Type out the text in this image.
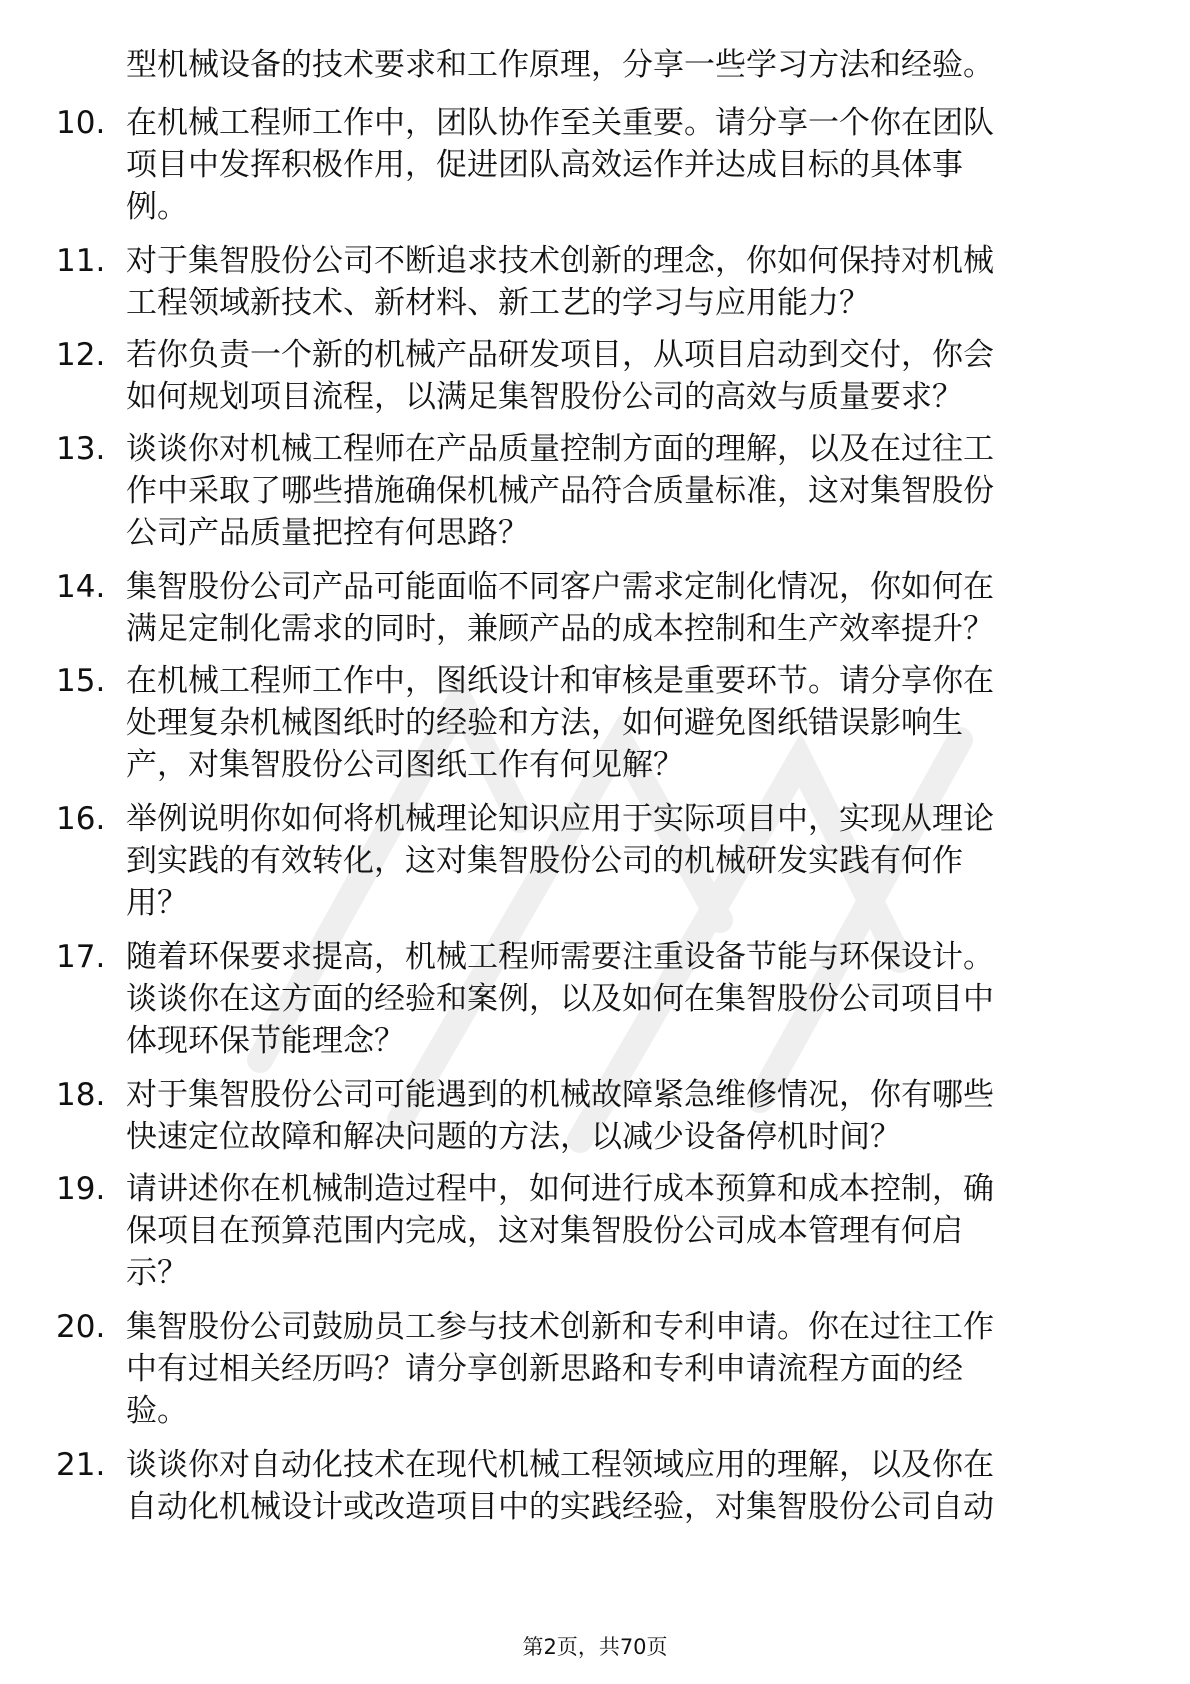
型机械设备的技术要求和工作原理，分享一些学习方法和经验。
10. 在机械工程师工作中，团队协作至关重要。请分享一个你在团队
项目中发挥积极作用，促进团队高效运作并达成目标的具体事
例。
11. 对于集智股份公司不断追求技术创新的理念，你如何保持对机械
工程领域新技术、新材料、新工艺的学习与应用能力？
12. 若你负责一个新的机械产品研发项目，从项目启动到交付，你会
如何规划项目流程，以满足集智股份公司的高效与质量要求？
13. 谈谈你对机械工程师在产品质量控制方面的理解，以及在过往工
作中采取了哪些措施确保机械产品符合质量标准，这对集智股份
公司产品质量把控有何思路？
14. 集智股份公司产品可能面临不同客户需求定制化情况，你如何在
满足定制化需求的同时，兼顾产品的成本控制和生产效率提升？
15. 在机械工程师工作中，图纸设计和审核是重要环节。请分享你在
处理复杂机械图纸时的经验和方法，如何避免图纸错误影响生
产，对集智股份公司图纸工作有何见解？
16. 举例说明你如何将机械理论知识应用于实际项目中，实现从理论
到实践的有效转化，这对集智股份公司的机械研发实践有何作
用？
17. 随着环保要求提高，机械工程师需要注重设备节能与环保设计。
谈谈你在这方面的经验和案例，以及如何在集智股份公司项目中
体现环保节能理念？
18. 对于集智股份公司可能遇到的机械故障紧急维修情况，你有哪些
快速定位故障和解决问题的方法，以减少设备停机时间？
19. 请讲述你在机械制造过程中，如何进行成本预算和成本控制，确
保项目在预算范围内完成，这对集智股份公司成本管理有何启
示？
20. 集智股份公司鼓励员工参与技术创新和专利申请。你在过往工作
中有过相关经历吗？请分享创新思路和专利申请流程方面的经
验。
21. 谈谈你对自动化技术在现代机械工程领域应用的理解，以及你在
自动化机械设计或改造项目中的实践经验，对集智股份公司自动
第2页，共70页
